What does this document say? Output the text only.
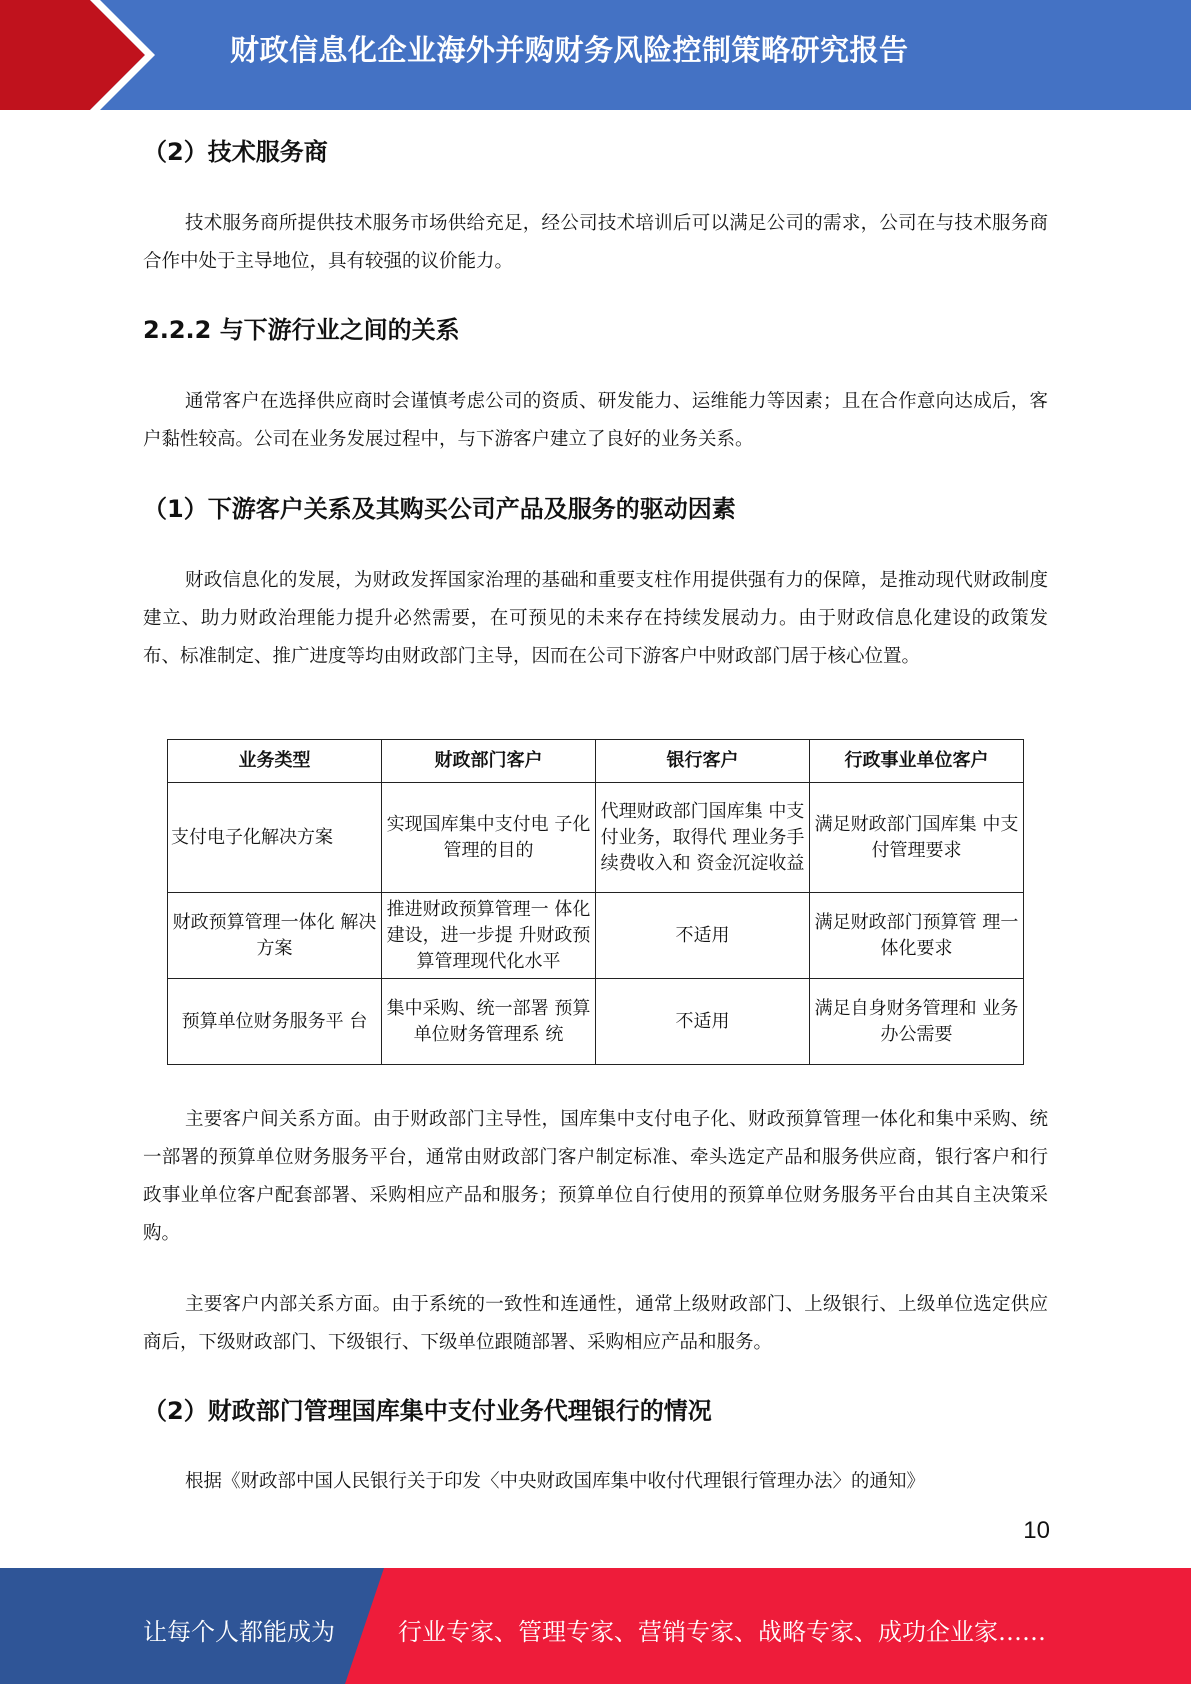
财政信息化企业海外并购财务风险控制策略研究报告
（2）技术服务商

技术服务商所提供技术服务市场供给充足，经公司技术培训后可以满足公司的需求，公司在与技术服务商合作中处于主导地位，具有较强的议价能力。

2.2.2 与下游行业之间的关系

通常客户在选择供应商时会谨慎考虑公司的资质、研发能力、运维能力等因素；且在合作意向达成后，客户黏性较高。公司在业务发展过程中，与下游客户建立了良好的业务关系。

（1）下游客户关系及其购买公司产品及服务的驱动因素

财政信息化的发展，为财政发挥国家治理的基础和重要支柱作用提供强有力的保障，是推动现代财政制度建立、助力财政治理能力提升必然需要，在可预见的未来存在持续发展动力。由于财政信息化建设的政策发布、标准制定、推广进度等均由财政部门主导，因而在公司下游客户中财政部门居于核心位置。

业务类型	财政部门客户	银行客户	行政事业单位客户
支付电子化解决方案	实现国库集中支付电 子化管理的目的	代理财政部门国库集 中支付业务，取得代 理业务手续费收入和 资金沉淀收益	满足财政部门国库集 中支付管理要求
财政预算管理一体化 解决方案	推进财政预算管理一 体化建设，进一步提 升财政预算管理现代化水平	不适用	满足财政部门预算管 理一体化要求
预算单位财务服务平 台	集中采购、统一部署 预算单位财务管理系 统	不适用	满足自身财务管理和 业务办公需要

主要客户间关系方面。由于财政部门主导性，国库集中支付电子化、财政预算管理一体化和集中采购、统一部署的预算单位财务服务平台，通常由财政部门客户制定标准、牵头选定产品和服务供应商，银行客户和行政事业单位客户配套部署、采购相应产品和服务；预算单位自行使用的预算单位财务服务平台由其自主决策采购。

主要客户内部关系方面。由于系统的一致性和连通性，通常上级财政部门、上级银行、上级单位选定供应商后，下级财政部门、下级银行、下级单位跟随部署、采购相应产品和服务。

（2）财政部门管理国库集中支付业务代理银行的情况

根据《财政部中国人民银行关于印发〈中央财政国库集中收付代理银行管理办法〉的通知》

10
让每个人都能成为	行业专家、管理专家、营销专家、战略专家、成功企业家……
